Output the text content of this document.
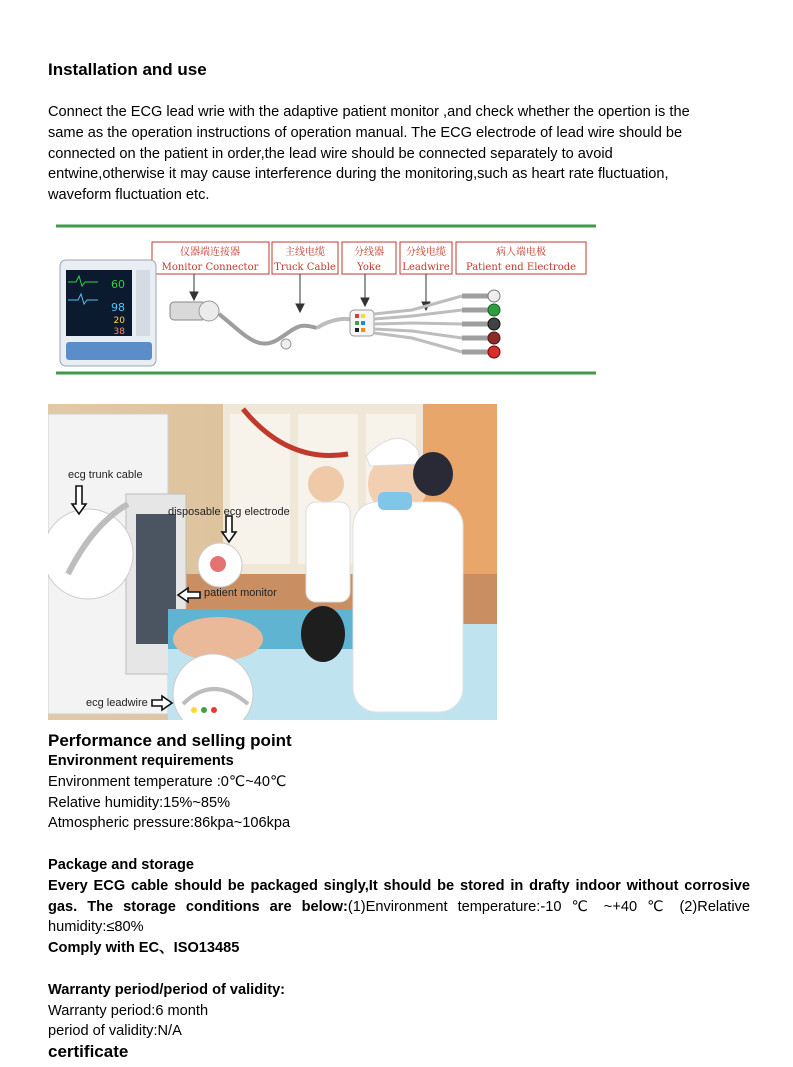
Installation and use
Connect the ECG lead wrie with the adaptive patient monitor ,and check whether the opertion is the
same as the operation instructions of operation manual. The ECG electrode of lead wire should be
connected on the patient in order,the lead wire should be connected separately to avoid
entwine,otherwise it may cause interference during the monitoring,such as heart rate fluctuation,
waveform fluctuation etc.
仪器端连接器
Monitor Connector
主线电缆
Truck Cable
分线器
Yoke
分线电缆
Leadwire
病人端电极
Patient end Electrode
60
98
20
38
ecg trunk cable
disposable ecg electrode
patient monitor
ecg leadwire
Performance and selling point
Environment requirements
Environment temperature :0℃~40℃
Relative humidity:15%~85%
Atmospheric pressure:86kpa~106kpa
Package and storage
Every ECG cable should be packaged singly,It should be stored in drafty indoor without corrosive gas. The storage conditions are below:(1)Environment temperature:-10 ℃ ~+40 ℃ (2)Relative humidity:≤80%
Comply with EC、ISO13485
Warranty period/period of validity:
Warranty period:6 month
period of validity:N/A
certificate
